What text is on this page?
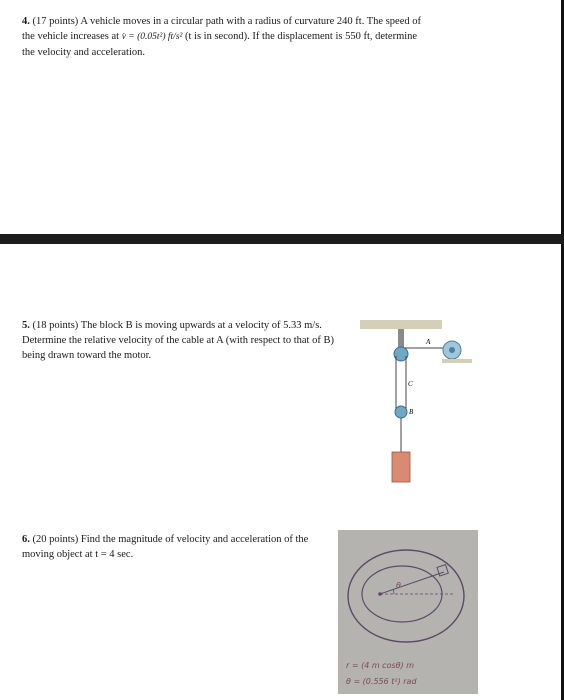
4. (17 points) A vehicle moves in a circular path with a radius of curvature 240 ft. The speed of
the vehicle increases at v̇ = (0.05t²) ft/s² (t is in second). If the displacement is 550 ft, determine
the velocity and acceleration.
5. (18 points) The block B is moving upwards at a velocity of 5.33 m/s. Determine the relative velocity of the cable at A (with respect to that of B) being drawn toward the motor.
A
C
B
6. (20 points) Find the magnitude of velocity and acceleration of the moving object at t = 4 sec.
θ
r = (4 m cosθ) m
θ = (0.556 t²) rad
